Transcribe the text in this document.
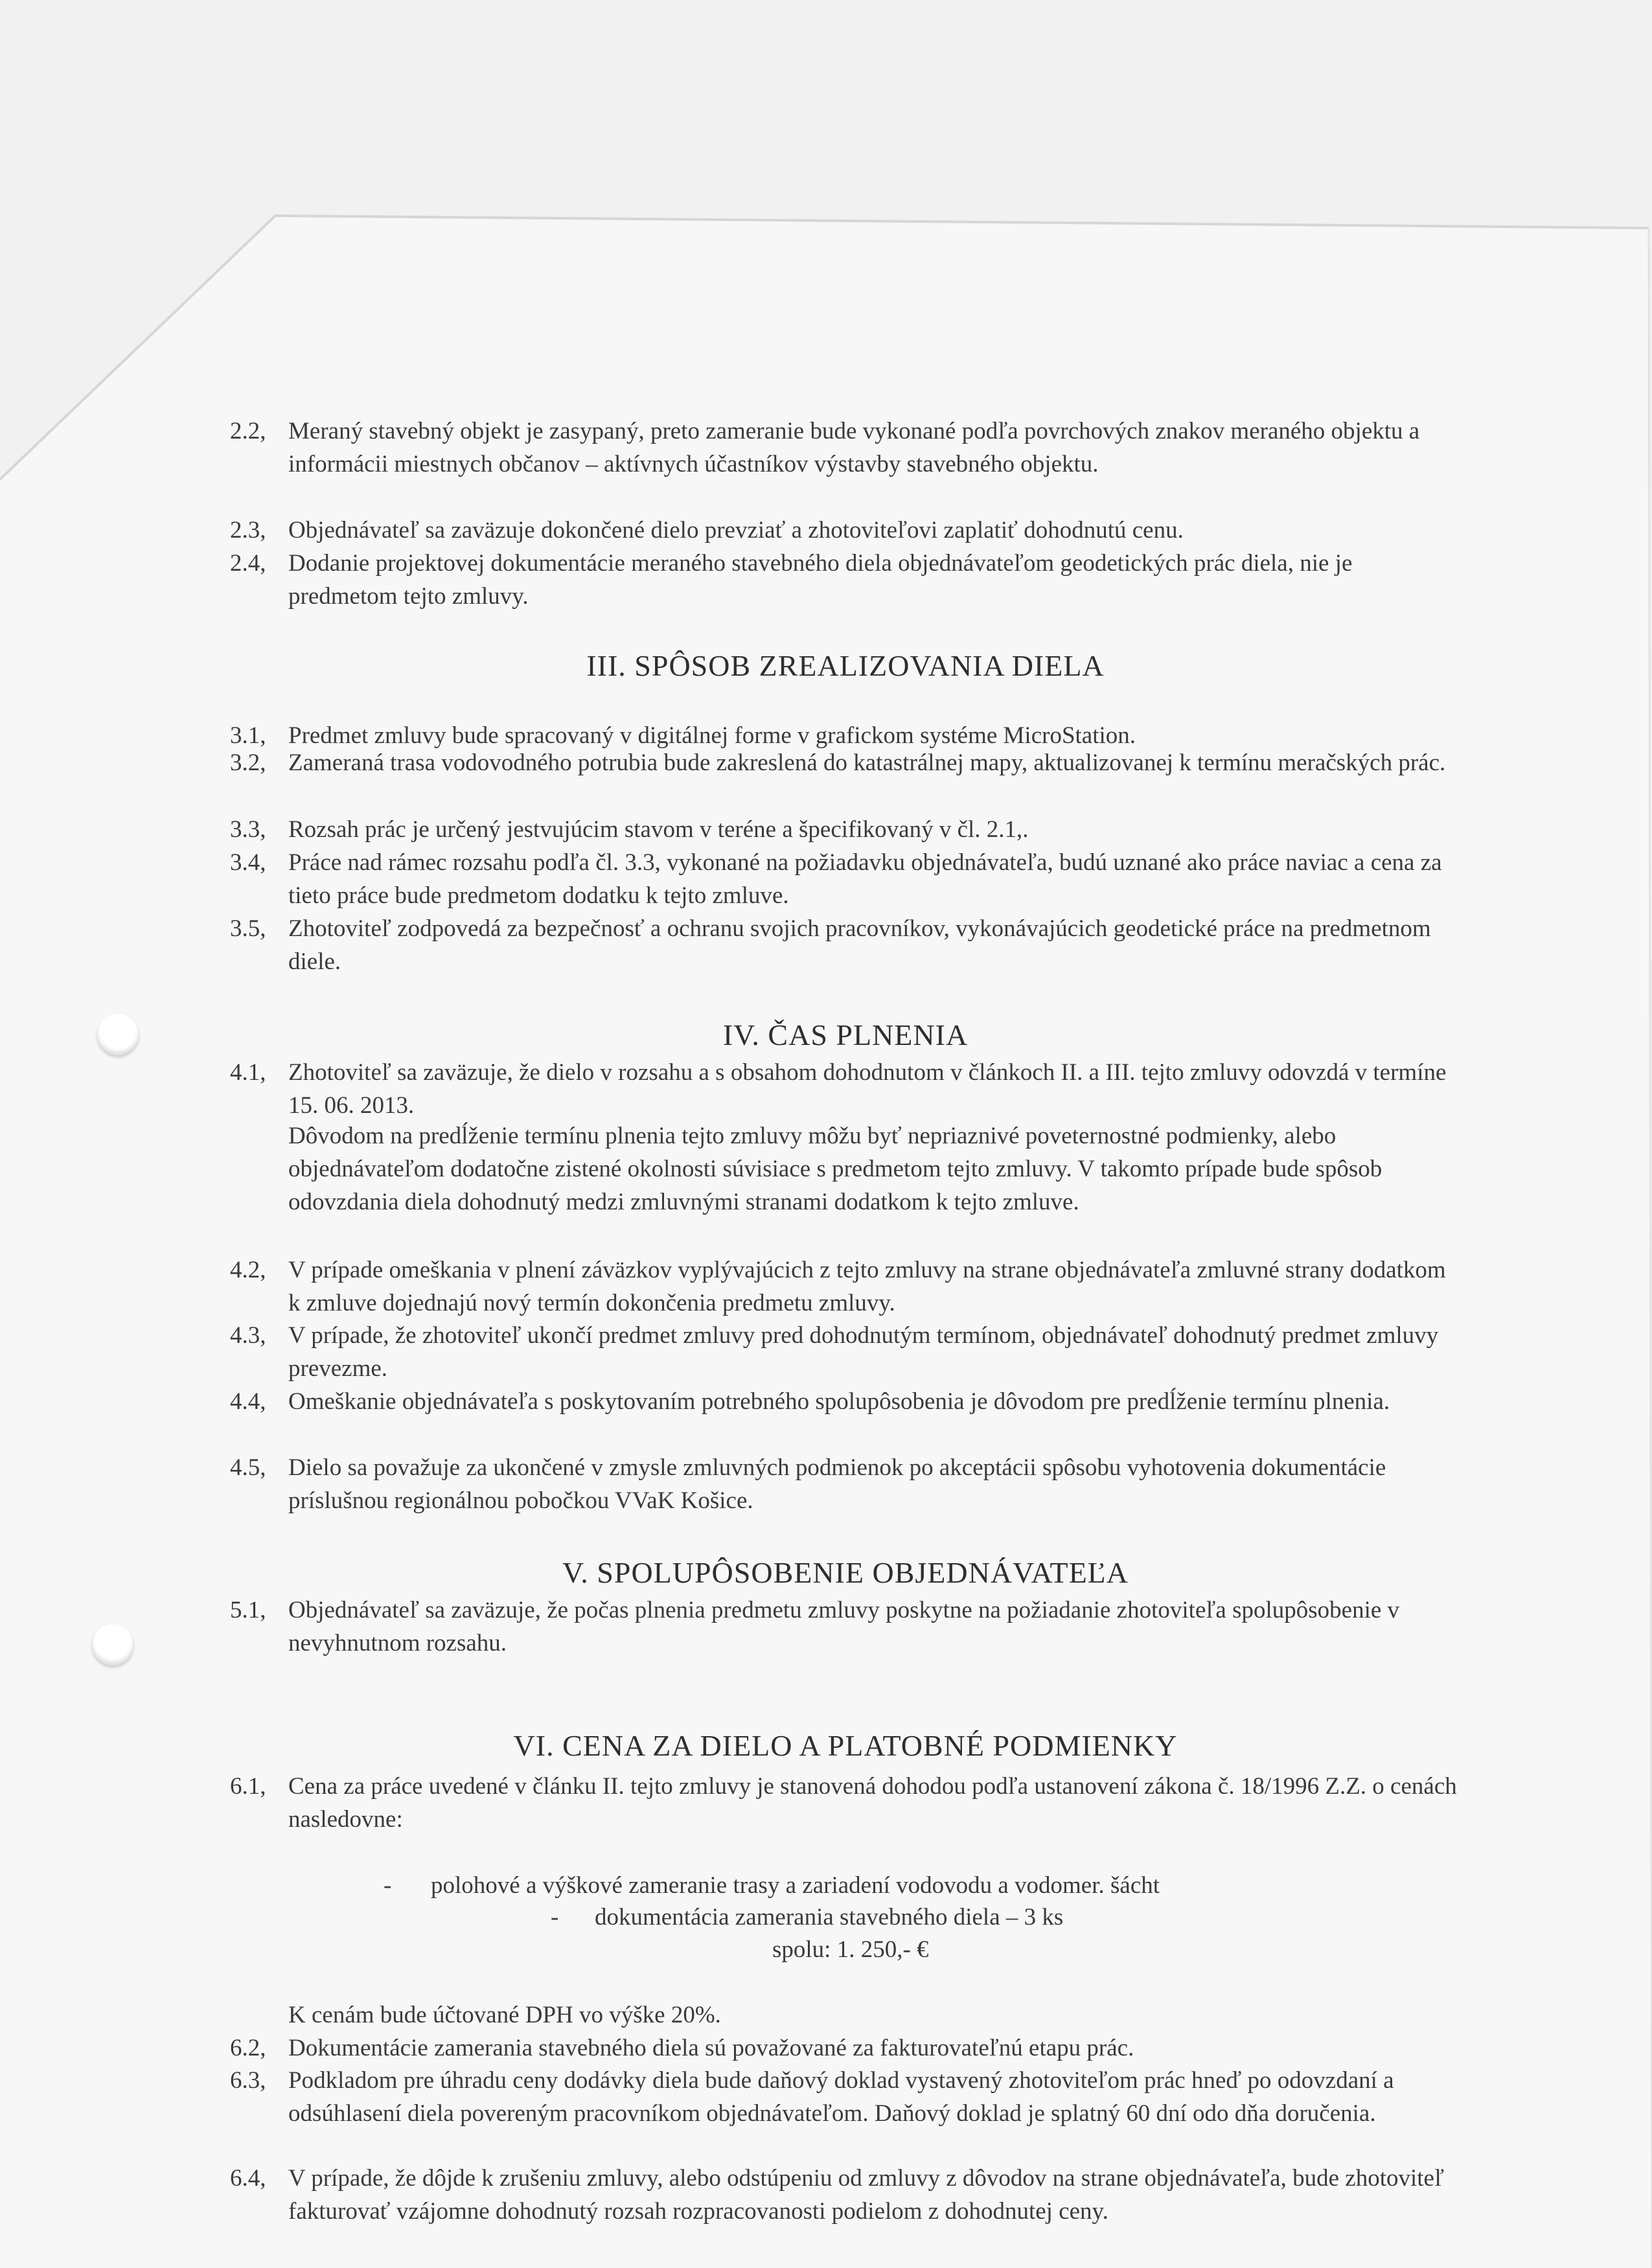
2.2, Meraný stavebný objekt je zasypaný, preto zameranie bude vykonané podľa povrchových znakov meraného objektu a informácii miestnych občanov – aktívnych účastníkov výstavby stavebného objektu.
2.3, Objednávateľ sa zaväzuje dokončené dielo prevziať a zhotoviteľovi zaplatiť dohodnutú cenu.
2.4, Dodanie projektovej dokumentácie meraného stavebného diela objednávateľom geodetických prác diela, nie je predmetom tejto zmluvy.
III. SPÔSOB ZREALIZOVANIA DIELA
3.1, Predmet zmluvy bude spracovaný v digitálnej forme v grafickom systéme MicroStation.
3.2, Zameraná trasa vodovodného potrubia bude zakreslená do katastrálnej mapy, aktualizovanej k termínu meračských prác.
3.3, Rozsah prác je určený jestvujúcim stavom v teréne a špecifikovaný v čl. 2.1,.
3.4, Práce nad rámec rozsahu podľa čl. 3.3, vykonané na požiadavku objednávateľa, budú uznané ako práce naviac a cena za tieto práce bude predmetom dodatku k tejto zmluve.
3.5, Zhotoviteľ zodpovedá za bezpečnosť a ochranu svojich pracovníkov, vykonávajúcich geodetické práce na predmetnom diele.
IV. ČAS PLNENIA
4.1, Zhotoviteľ sa zaväzuje, že dielo v rozsahu a s obsahom dohodnutom v článkoch II. a III. tejto zmluvy odovzdá v termíne 15. 06. 2013.
Dôvodom na predĺženie termínu plnenia tejto zmluvy môžu byť nepriaznivé poveternostné podmienky, alebo objednávateľom dodatočne zistené okolnosti súvisiace s predmetom tejto zmluvy. V takomto prípade bude spôsob odovzdania diela dohodnutý medzi zmluvnými stranami dodatkom k tejto zmluve.
4.2, V prípade omeškania v plnení záväzkov vyplývajúcich z tejto zmluvy na strane objednávateľa zmluvné strany dodatkom k zmluve dojednajú nový termín dokončenia predmetu zmluvy.
4.3, V prípade, že zhotoviteľ ukončí predmet zmluvy pred dohodnutým termínom, objednávateľ dohodnutý predmet zmluvy prevezme.
4.4, Omeškanie objednávateľa s poskytovaním potrebného spolupôsobenia je dôvodom pre predĺženie termínu plnenia.
4.5, Dielo sa považuje za ukončené v zmysle zmluvných podmienok po akceptácii spôsobu vyhotovenia dokumentácie príslušnou regionálnou pobočkou VVaK Košice.
V. SPOLUPÔSOBENIE OBJEDNÁVATEĽA
5.1, Objednávateľ sa zaväzuje, že počas plnenia predmetu zmluvy poskytne na požiadanie zhotoviteľa spolupôsobenie v nevyhnutnom rozsahu.
VI. CENA ZA DIELO A PLATOBNÉ PODMIENKY
6.1, Cena za práce uvedené v článku II. tejto zmluvy je stanovená dohodou podľa ustanovení zákona č. 18/1996 Z.Z. o cenách nasledovne:
- polohové a výškové zameranie trasy a zariadení vodovodu a vodomer. šácht
- dokumentácia zamerania stavebného diela – 3 ks
spolu: 1. 250,- €
K cenám bude účtované DPH vo výške 20%.
6.2, Dokumentácie zamerania stavebného diela sú považované za fakturovateľnú etapu prác.
6.3, Podkladom pre úhradu ceny dodávky diela bude daňový doklad vystavený zhotoviteľom prác hneď po odovzdaní a odsúhlasení diela povereným pracovníkom objednávateľom. Daňový doklad je splatný 60 dní odo dňa doručenia.
6.4, V prípade, že dôjde k zrušeniu zmluvy, alebo odstúpeniu od zmluvy z dôvodov na strane objednávateľa, bude zhotoviteľ fakturovať vzájomne dohodnutý rozsah rozpracovanosti podielom z dohodnutej ceny.
